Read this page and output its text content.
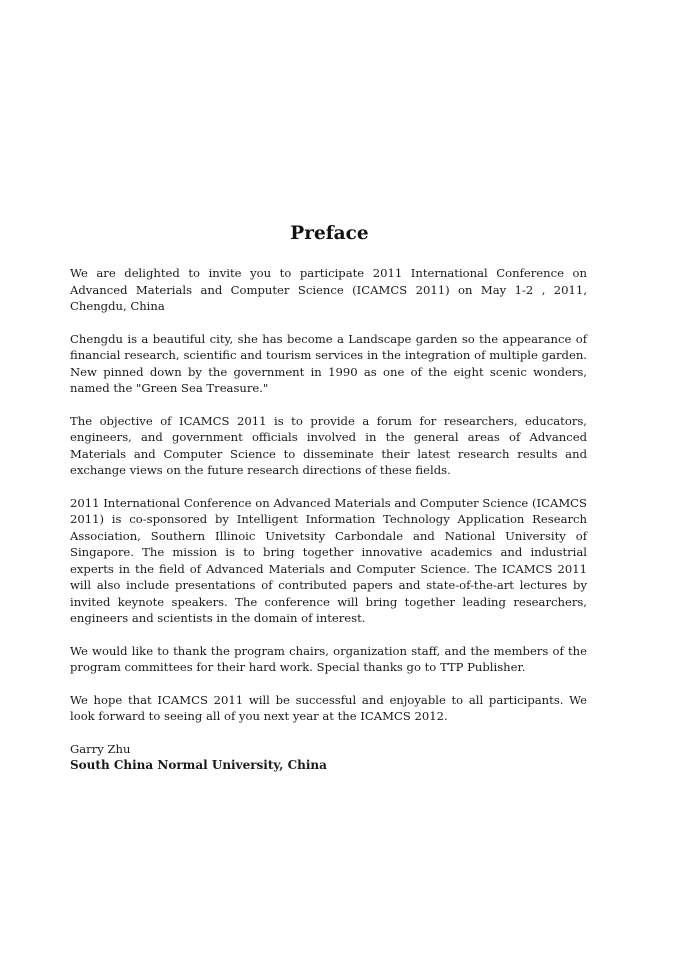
Preface

We are delighted to invite you to participate 2011 International Conference on Advanced Materials and Computer Science (ICAMCS 2011) on May 1-2 , 2011, Chengdu, China

Chengdu is a beautiful city, she has become a Landscape garden so the appearance of financial research, scientific and tourism services in the integration of multiple garden. New pinned down by the government in 1990 as one of the eight scenic wonders, named the "Green Sea Treasure."

The objective of ICAMCS 2011 is to provide a forum for researchers, educators, engineers, and government officials involved in the general areas of Advanced Materials and Computer Science to disseminate their latest research results and exchange views on the future research directions of these fields.

2011 International Conference on Advanced Materials and Computer Science (ICAMCS 2011) is co-sponsored by Intelligent Information Technology Application Research Association, Southern Illinoic Univetsity Carbondale and National University of Singapore. The mission is to bring together innovative academics and industrial experts in the field of Advanced Materials and Computer Science. The ICAMCS 2011 will also include presentations of contributed papers and state-of-the-art lectures by invited keynote speakers. The conference will bring together leading researchers, engineers and scientists in the domain of interest.

We would like to thank the program chairs, organization staff, and the members of the program committees for their hard work. Special thanks go to TTP Publisher.

We hope that ICAMCS 2011 will be successful and enjoyable to all participants. We look forward to seeing all of you next year at the ICAMCS 2012.

Garry Zhu

South China Normal University, China
